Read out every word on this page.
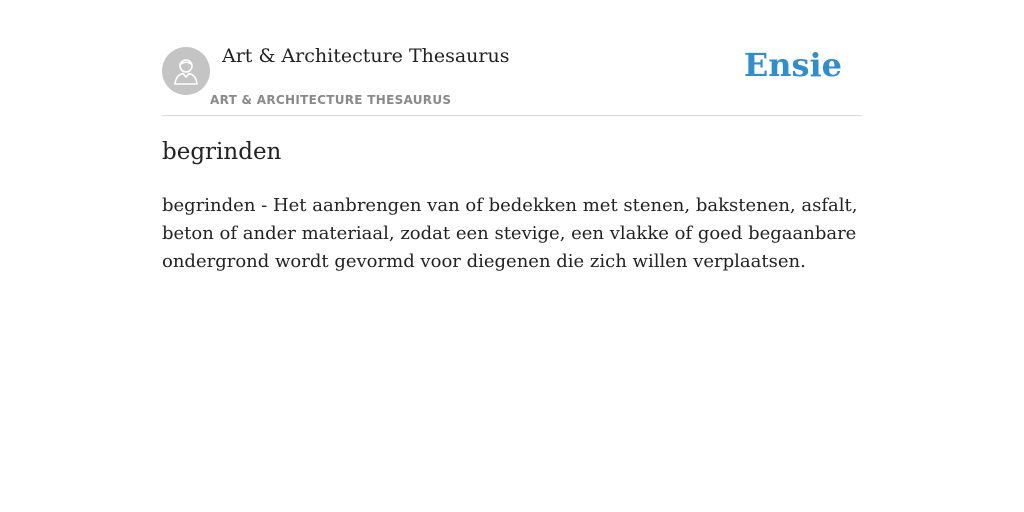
Art & Architecture Thesaurus
ART & ARCHITECTURE THESAURUS
Ensie
begrinden

begrinden - Het aanbrengen van of bedekken met stenen, bakstenen, asfalt, beton of ander materiaal, zodat een stevige, een vlakke of goed begaanbare ondergrond wordt gevormd voor diegenen die zich willen verplaatsen.
